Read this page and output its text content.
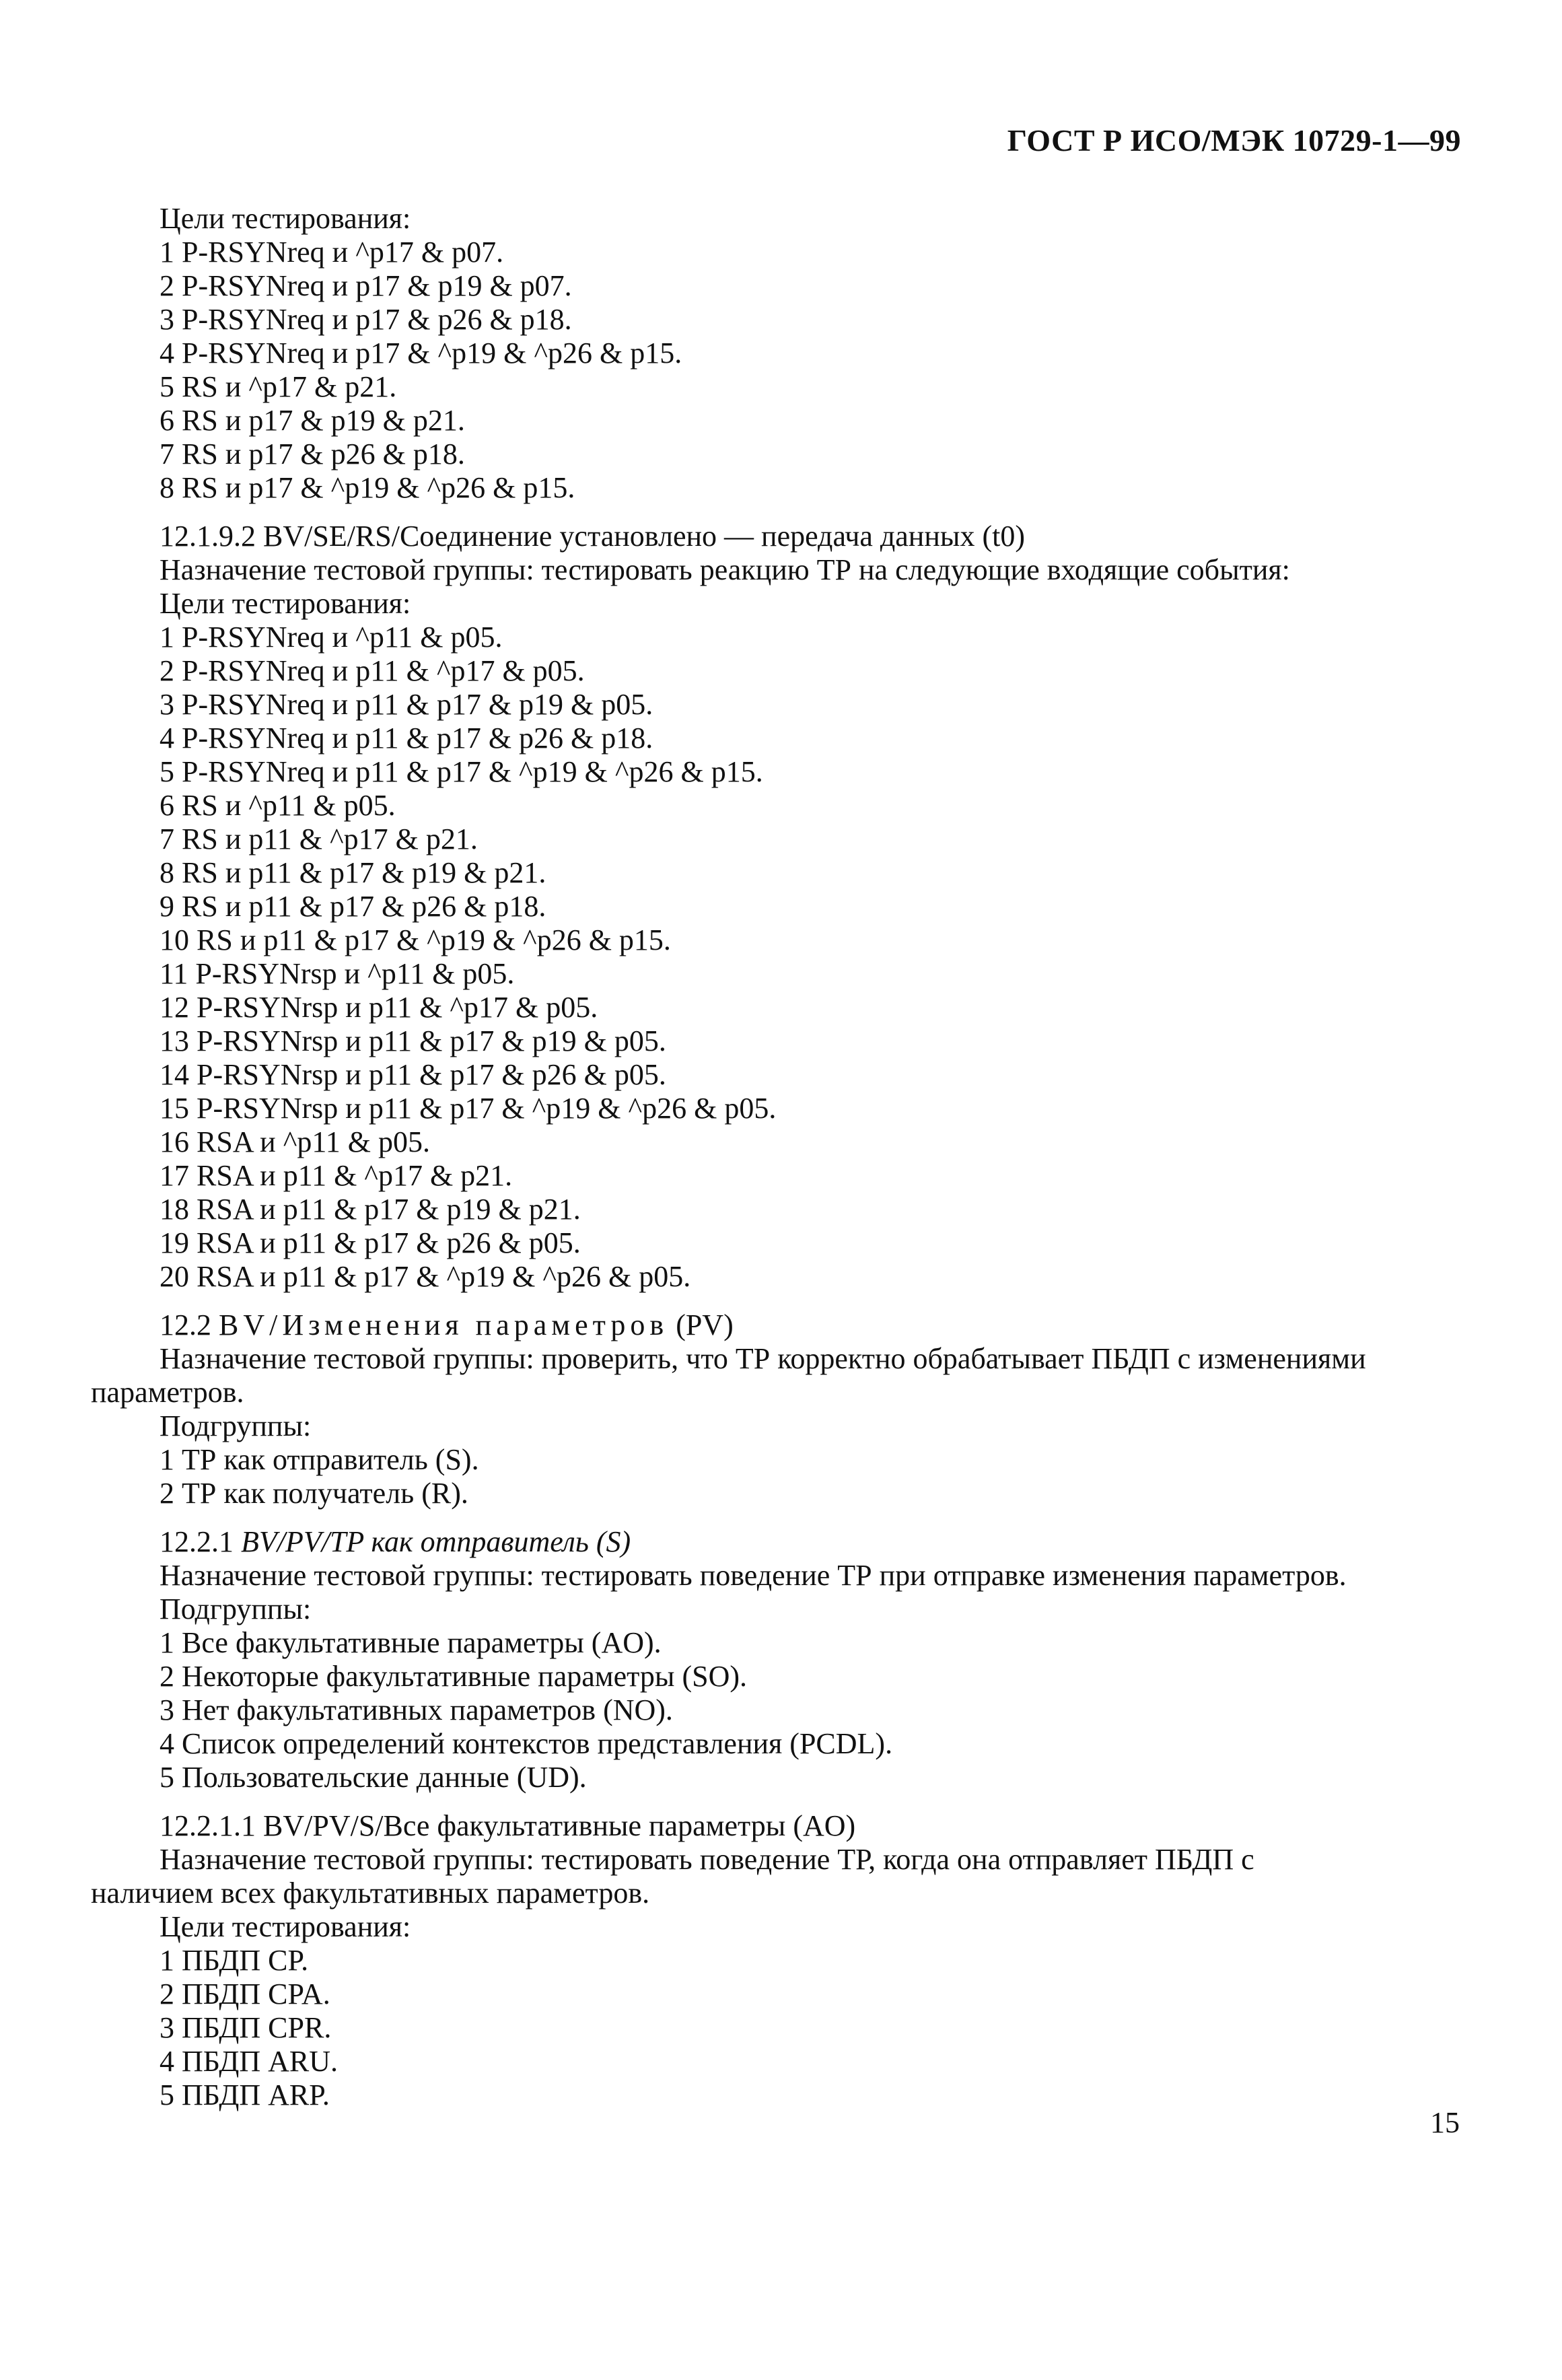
ГОСТ Р ИСО/МЭК 10729-1—99
Цели тестирования:
1 P-RSYNreq и ^p17 & p07.
2 P-RSYNreq и p17 & p19 & p07.
3 P-RSYNreq и p17 & p26 & p18.
4 P-RSYNreq и p17 & ^p19 & ^p26 & p15.
5 RS и ^p17 & p21.
6 RS и p17 & p19 & p21.
7 RS и p17 & p26 & p18.
8 RS и p17 & ^p19 & ^p26 & p15.
12.1.9.2 BV/SE/RS/Соединение установлено — передача данных (t0)
Назначение тестовой группы: тестировать реакцию ТР на следующие входящие события:
Цели тестирования:
1 P-RSYNreq и ^p11 & p05.
2 P-RSYNreq и p11 & ^p17 & p05.
3 P-RSYNreq и p11 & p17 & p19 & p05.
4 P-RSYNreq и p11 & p17 & p26 & p18.
5 P-RSYNreq и p11 & p17 & ^p19 & ^p26 & p15.
6 RS и ^p11 & p05.
7 RS и p11 & ^p17 & p21.
8 RS и p11 & p17 & p19 & p21.
9 RS и p11 & p17 & p26 & p18.
10 RS и p11 & p17 & ^p19 & ^p26 & p15.
11 P-RSYNrsp и ^p11 & p05.
12 P-RSYNrsp и p11 & ^p17 & p05.
13 P-RSYNrsp и p11 & p17 & p19 & p05.
14 P-RSYNrsp и p11 & p17 & p26 & p05.
15 P-RSYNrsp и p11 & p17 & ^p19 & ^p26 & p05.
16 RSA и ^p11 & p05.
17 RSA и p11 & ^p17 & p21.
18 RSA и p11 & p17 & p19 & p21.
19 RSA и p11 & p17 & p26 & p05.
20 RSA и p11 & p17 & ^p19 & ^p26 & p05.
12.2 BV/Изменения параметров (PV)
Назначение тестовой группы: проверить, что ТР корректно обрабатывает ПБДП с изменениями
параметров.
Подгруппы:
1 ТР как отправитель (S).
2 ТР как получатель (R).
12.2.1 BV/PV/TP как отправитель (S)
Назначение тестовой группы: тестировать поведение ТР при отправке изменения параметров.
Подгруппы:
1 Все факультативные параметры (AO).
2 Некоторые факультативные параметры (SO).
3 Нет факультативных параметров (NO).
4 Список определений контекстов представления (PCDL).
5 Пользовательские данные (UD).
12.2.1.1 BV/PV/S/Все факультативные параметры (AO)
Назначение тестовой группы: тестировать поведение ТР, когда она отправляет ПБДП с
наличием всех факультативных параметров.
Цели тестирования:
1 ПБДП CP.
2 ПБДП CPA.
3 ПБДП CPR.
4 ПБДП ARU.
5 ПБДП ARP.
15
